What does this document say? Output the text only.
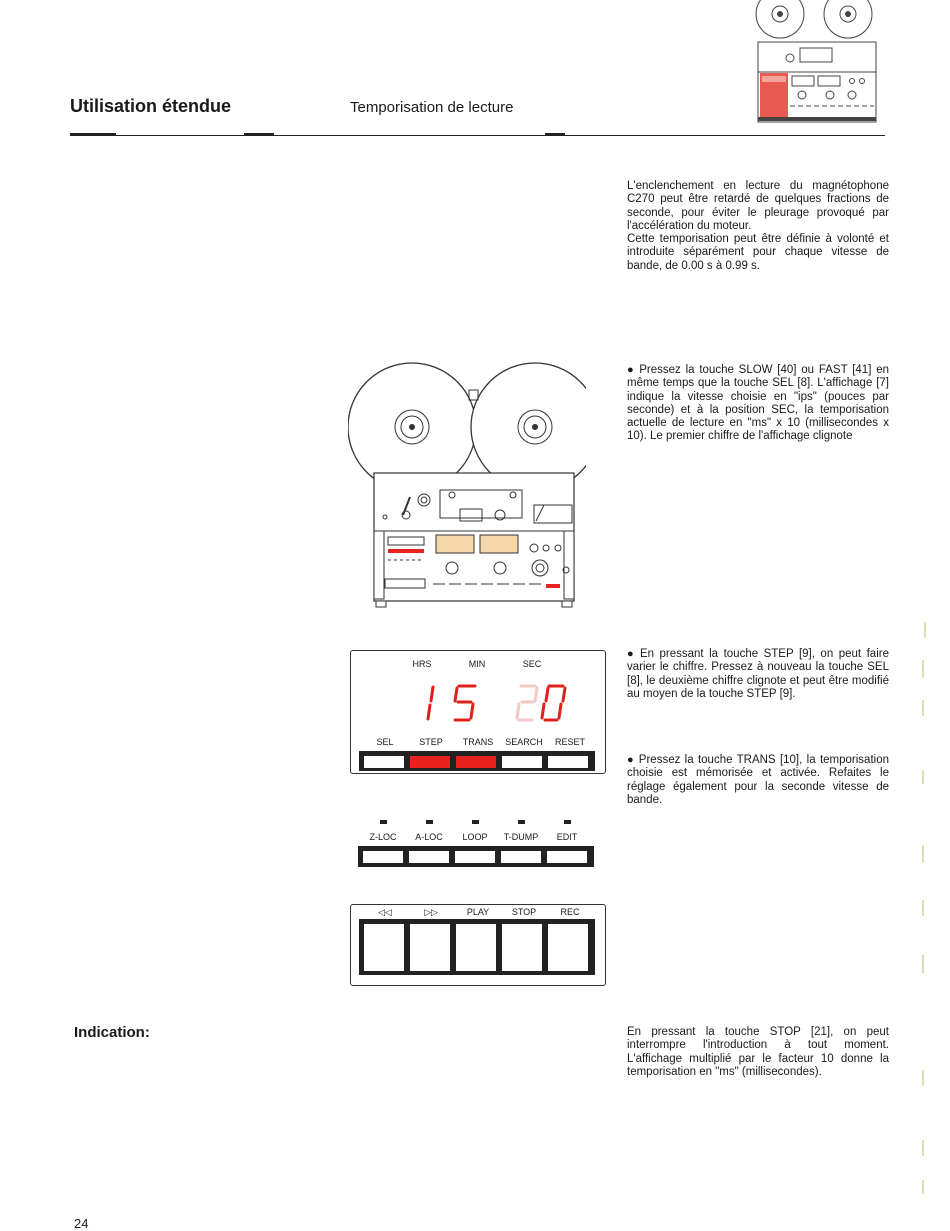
Utilisation étendue	Temporisation de lecture

L'enclenchement en lecture du magnétophone C270 peut être retardé de quelques fractions de seconde, pour éviter le pleurage provoqué par l'accélération du moteur.

Cette temporisation peut être définie à volonté et introduite séparément pour chaque vitesse de bande, de 0.00 s à 0.99 s.

● Pressez la touche SLOW [40] ou FAST [41] en même temps que la touche SEL [8]. L'affichage [7] indique la vitesse choisie en "ips" (pouces par seconde) et à la position SEC, la temporisation actuelle de lecture en "ms" x 10 (millisecondes x 10). Le premier chiffre de l'affichage clignote
HRS	MIN	SEC
SEL	STEP	TRANS	SEARCH	RESET
● En pressant la touche STEP [9], on peut faire varier le chiffre. Pressez à nouveau la touche SEL [8], le deuxième chiffre clignote et peut être modifié au moyen de la touche STEP [9].
● Pressez la touche TRANS [10], la temporisation choisie est mémorisée et activée. Refaites le réglage également pour la seconde vitesse de bande.
Z-LOC	A-LOC	LOOP	T-DUMP	EDIT
◁◁	▷▷	PLAY	STOP	REC
Indication:	En pressant la touche STOP [21], on peut interrompre l'introduction à tout moment. L'affichage multiplié par le facteur 10 donne la temporisation en "ms" (millisecondes).
24
